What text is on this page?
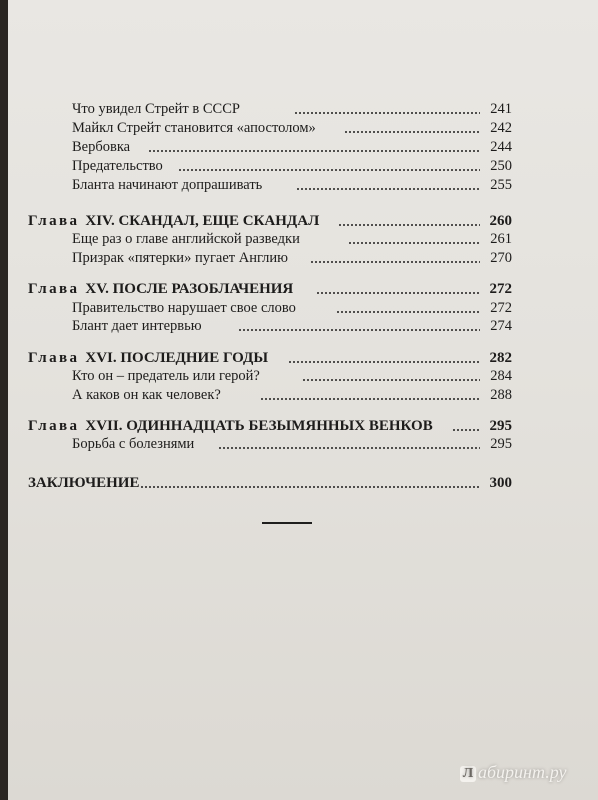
Что увидел Стрейт в СССР	241
Майкл Стрейт становится «апостолом»	242
Вербовка	244
Предательство	250
Бланта начинают допрашивать	255
Глава XIV. СКАНДАЛ, ЕЩЕ СКАНДАЛ	260
Еще раз о главе английской разведки	261
Призрак «пятерки» пугает Англию	270
Глава XV. ПОСЛЕ РАЗОБЛАЧЕНИЯ	272
Правительство нарушает свое слово	272
Блант дает интервью	274
Глава XVI. ПОСЛЕДНИЕ ГОДЫ	282
Кто он – предатель или герой?	284
А каков он как человек?	288
Глава XVII. ОДИННАДЦАТЬ БЕЗЫМЯННЫХ ВЕНКОВ	295
Борьба с болезнями	295
ЗАКЛЮЧЕНИЕ	300
Л абиринт.ру
